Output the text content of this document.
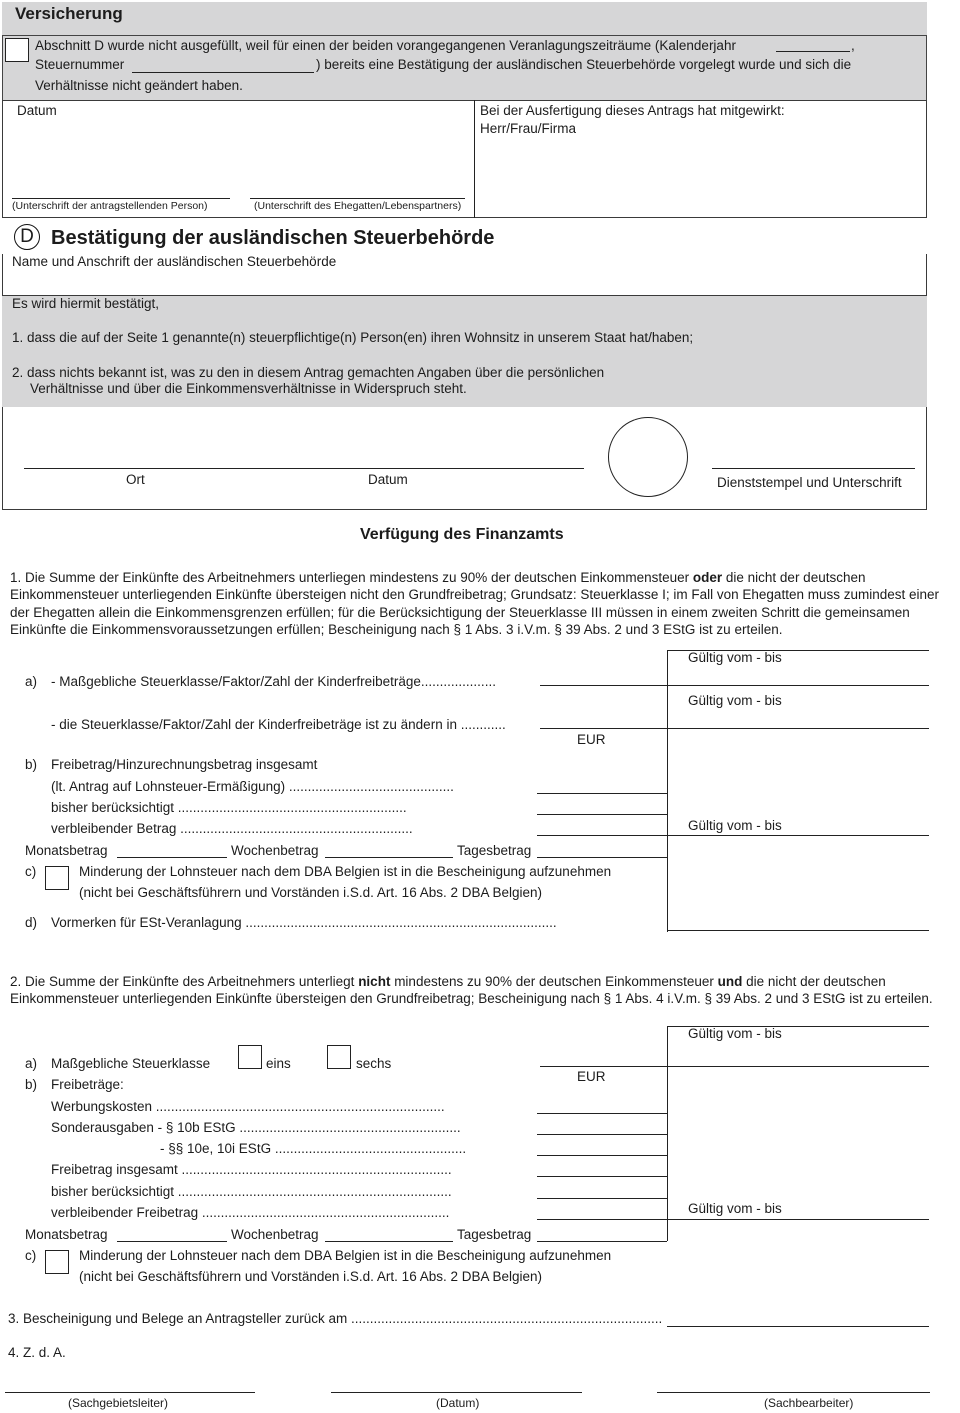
Versicherung
Abschnitt D wurde nicht ausgefüllt, weil für einen der beiden vorangegangenen Veranlagungszeiträume (Kalenderjahr	,
Steuernummer	) bereits eine Bestätigung der ausländischen Steuerbehörde vorgelegt wurde und sich die
Verhältnisse nicht geändert haben.
Datum	Bei der Ausfertigung dieses Antrags hat mitgewirkt:
Herr/Frau/Firma
(Unterschrift der antragstellenden Person)	(Unterschrift des Ehegatten/Lebenspartners)
D Bestätigung der ausländischen Steuerbehörde
Name und Anschrift der ausländischen Steuerbehörde
Es wird hiermit bestätigt,
1. dass die auf der Seite 1 genannte(n) steuerpflichtige(n) Person(en) ihren Wohnsitz in unserem Staat hat/haben;
2. dass nichts bekannt ist, was zu den in diesem Antrag gemachten Angaben über die persönlichen
Verhältnisse und über die Einkommensverhältnisse in Widerspruch steht.
Ort	Datum	Dienststempel und Unterschrift
Verfügung des Finanzamts
1. Die Summe der Einkünfte des Arbeitnehmers unterliegen mindestens zu 90% der deutschen Einkommensteuer oder die nicht der deutschen Einkommensteuer unterliegenden Einkünfte übersteigen nicht den Grundfreibetrag; Grundsatz: Steuerklasse I; im Fall von Ehegatten muss zumindest einer der Ehegatten allein die Einkommensgrenzen erfüllen; für die Berücksichtigung der Steuerklasse III müssen in einem zweiten Schritt die gemeinsamen Einkünfte die Einkommensvoraussetzungen erfüllen; Bescheinigung nach § 1 Abs. 3 i.V.m. § 39 Abs. 2 und 3 EStG ist zu erteilen.
Gültig vom - bis
Gültig vom - bis
EUR
a) - Maßgebliche Steuerklasse/Faktor/Zahl der Kinderfreibeträge....................
- die Steuerklasse/Faktor/Zahl der Kinderfreibeträge ist zu ändern in ............
b) Freibetrag/Hinzurechnungsbetrag insgesamt
(lt. Antrag auf Lohnsteuer-Ermäßigung) ............................................
bisher berücksichtigt .............................................................
verbleibender Betrag ..............................................................	Gültig vom - bis
Monatsbetrag	Wochenbetrag	Tagesbetrag
c)	Minderung der Lohnsteuer nach dem DBA Belgien ist in die Bescheinigung aufzunehmen
(nicht bei Geschäftsführern und Vorständen i.S.d. Art. 16 Abs. 2 DBA Belgien)
d) Vormerken für ESt-Veranlagung ...................................................................................
2. Die Summe der Einkünfte des Arbeitnehmers unterliegt nicht mindestens zu 90% der deutschen Einkommensteuer und die nicht der deutschen Einkommensteuer unterliegenden Einkünfte übersteigen den Grundfreibetrag; Bescheinigung nach § 1 Abs. 4 i.V.m. § 39 Abs. 2 und 3 EStG ist zu erteilen.
Gültig vom - bis
EUR
a) Maßgebliche Steuerklasse	eins	sechs
b) Freibeträge:
Werbungskosten .............................................................................
Sonderausgaben - § 10b EStG ...........................................................
- §§ 10e, 10i EStG ...................................................
Freibetrag insgesamt ........................................................................
bisher berücksichtigt .........................................................................
verbleibender Freibetrag ..................................................................	Gültig vom - bis
Monatsbetrag	Wochenbetrag	Tagesbetrag
c)	Minderung der Lohnsteuer nach dem DBA Belgien ist in die Bescheinigung aufzunehmen
(nicht bei Geschäftsführern und Vorständen i.S.d. Art. 16 Abs. 2 DBA Belgien)
3. Bescheinigung und Belege an Antragsteller zurück am ...................................................................................
4. Z. d. A.
(Sachgebietsleiter)	(Datum)	(Sachbearbeiter)
